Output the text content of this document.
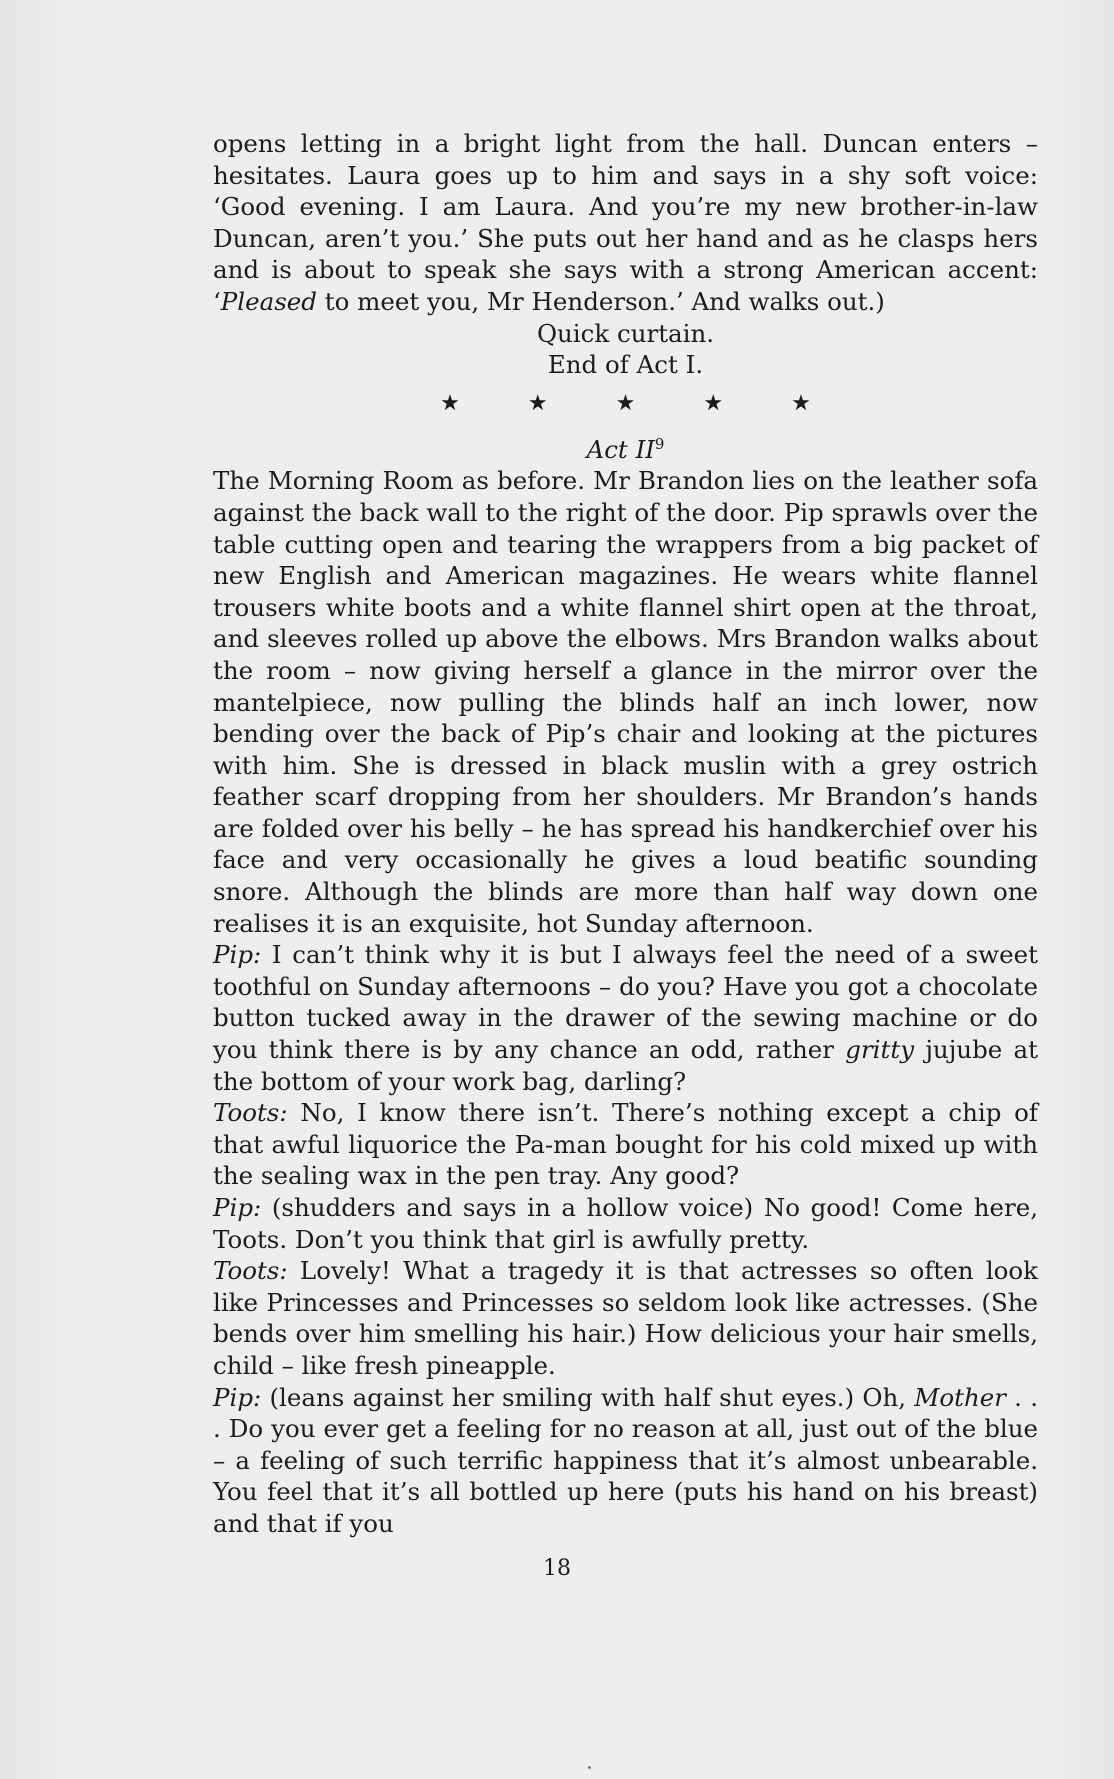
opens letting in a bright light from the hall. Duncan enters – hesitates. Laura goes up to him and says in a shy soft voice: ‘Good evening. I am Laura. And you’re my new brother-in-law Duncan, aren’t you.’ She puts out her hand and as he clasps hers and is about to speak she says with a strong American accent: ‘Pleased to meet you, Mr Henderson.’ And walks out.)

Quick curtain.

End of Act I.

★	★	★	★	★

Act $II^9$

The Morning Room as before. Mr Brandon lies on the leather sofa against the back wall to the right of the door. Pip sprawls over the table cutting open and tearing the wrappers from a big packet of new English and American magazines. He wears white flannel trousers white boots and a white flannel shirt open at the throat, and sleeves rolled up above the elbows. Mrs Brandon walks about the room – now giving herself a glance in the mirror over the mantelpiece, now pulling the blinds half an inch lower, now bending over the back of Pip’s chair and looking at the pictures with him. She is dressed in black muslin with a grey ostrich feather scarf dropping from her shoulders. Mr Brandon’s hands are folded over his belly – he has spread his handkerchief over his face and very occasionally he gives a loud beatific sounding snore. Although the blinds are more than half way down one realises it is an exquisite, hot Sunday afternoon.

Pip: I can’t think why it is but I always feel the need of a sweet toothful on Sunday afternoons – do you? Have you got a chocolate button tucked away in the drawer of the sewing machine or do you think there is by any chance an odd, rather gritty jujube at the bottom of your work bag, darling?

Toots: No, I know there isn’t. There’s nothing except a chip of that awful liquorice the Pa-man bought for his cold mixed up with the sealing wax in the pen tray. Any good?

Pip: (shudders and says in a hollow voice) No good! Come here, Toots. Don’t you think that girl is awfully pretty.

Toots: Lovely! What a tragedy it is that actresses so often look like Princesses and Princesses so seldom look like actresses. (She bends over him smelling his hair.) How delicious your hair smells, child – like fresh pineapple.

Pip: (leans against her smiling with half shut eyes.) Oh, Mother . . . Do you ever get a feeling for no reason at all, just out of the blue – a feeling of such terrific happiness that it’s almost unbearable. You feel that it’s all bottled up here (puts his hand on his breast) and that if you

18
